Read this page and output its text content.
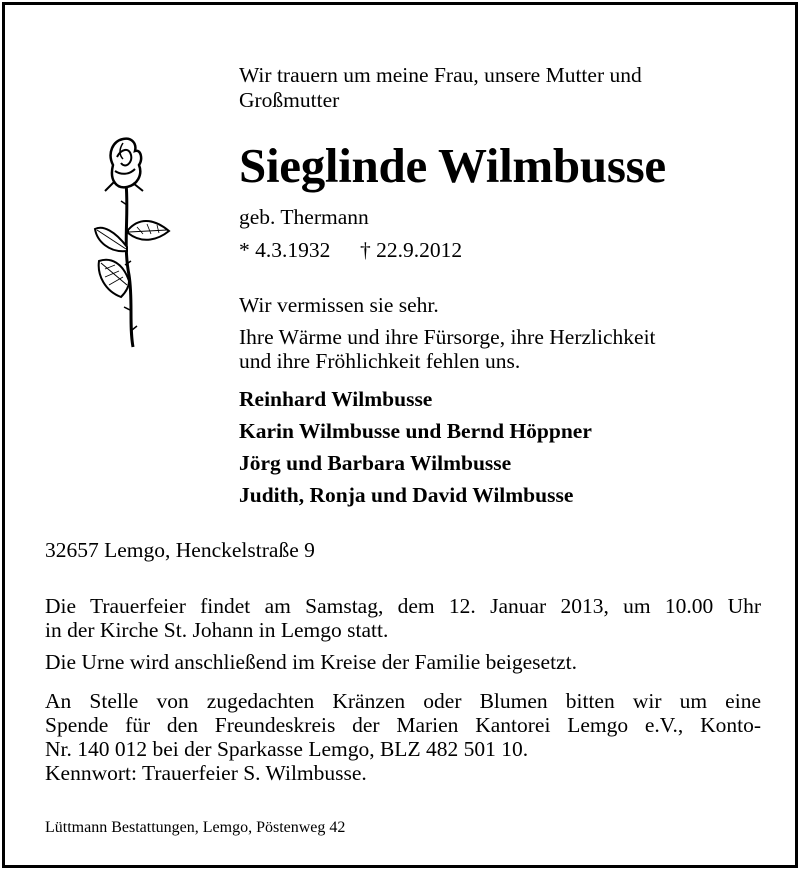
Wir trauern um meine Frau, unsere Mutter und
Großmutter
Sieglinde Wilmbusse
geb. Thermann
* 4.3.1932 † 22.9.2012
Wir vermissen sie sehr.
Ihre Wärme und ihre Fürsorge, ihre Herzlichkeit
und ihre Fröhlichkeit fehlen uns.
Reinhard Wilmbusse
Karin Wilmbusse und Bernd Höppner
Jörg und Barbara Wilmbusse
Judith, Ronja und David Wilmbusse
32657 Lemgo, Henckelstraße 9
Die Trauerfeier findet am Samstag, dem 12. Januar 2013, um 10.00 Uhr
in der Kirche St. Johann in Lemgo statt.
Die Urne wird anschließend im Kreise der Familie beigesetzt.
An Stelle von zugedachten Kränzen oder Blumen bitten wir um eine
Spende für den Freundeskreis der Marien Kantorei Lemgo e.V., Konto-
Nr. 140 012 bei der Sparkasse Lemgo, BLZ 482 501 10.
Kennwort: Trauerfeier S. Wilmbusse.
Lüttmann Bestattungen, Lemgo, Pöstenweg 42
